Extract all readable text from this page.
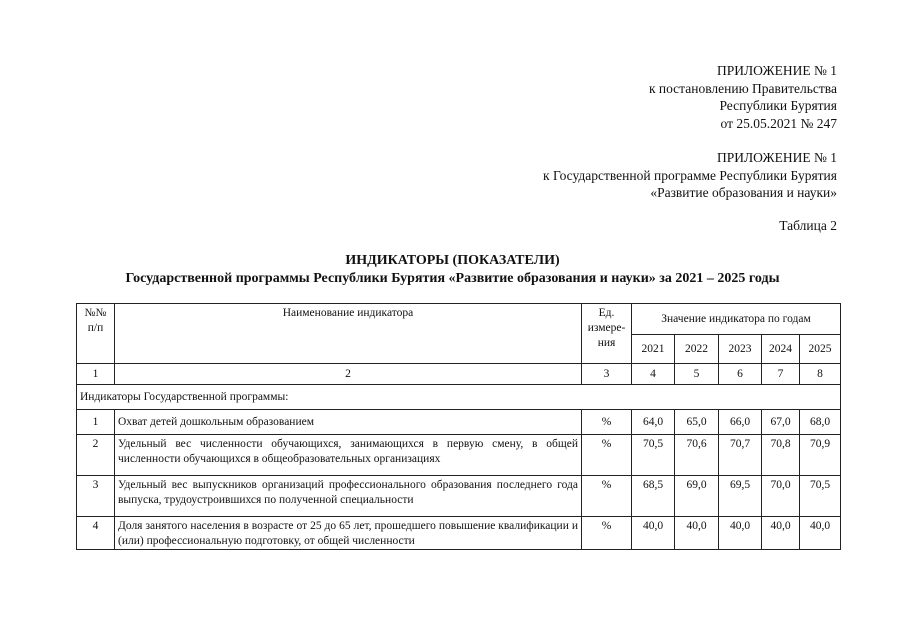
ПРИЛОЖЕНИЕ № 1
к постановлению Правительства
Республики Бурятия
от 25.05.2021 № 247
ПРИЛОЖЕНИЕ № 1
к Государственной программе Республики Бурятия
«Развитие образования и науки»
Таблица 2
ИНДИКАТОРЫ (ПОКАЗАТЕЛИ)
Государственной программы Республики Бурятия «Развитие образования и науки» за 2021 – 2025 годы
№№ п/п	Наименование индикатора	Ед. измере-ния	Значение индикатора по годам				
			2021	2022	2023	2024	2025
1	2	3	4	5	6	7	8
Индикаторы Государственной программы:							
1	Охват детей дошкольным образованием	%	64,0	65,0	66,0	67,0	68,0
2	Удельный вес численности обучающихся, занимающихся в первую смену, в общей численности обучающихся в общеобразовательных организациях	%	70,5	70,6	70,7	70,8	70,9
3	Удельный вес выпускников организаций профессионального образования последнего года выпуска, трудоустроившихся по полученной специальности	%	68,5	69,0	69,5	70,0	70,5
4	Доля занятого населения в возрасте от 25 до 65 лет, прошедшего повышение квалификации и (или) профессиональную подготовку, от общей численности	%	40,0	40,0	40,0	40,0	40,0
